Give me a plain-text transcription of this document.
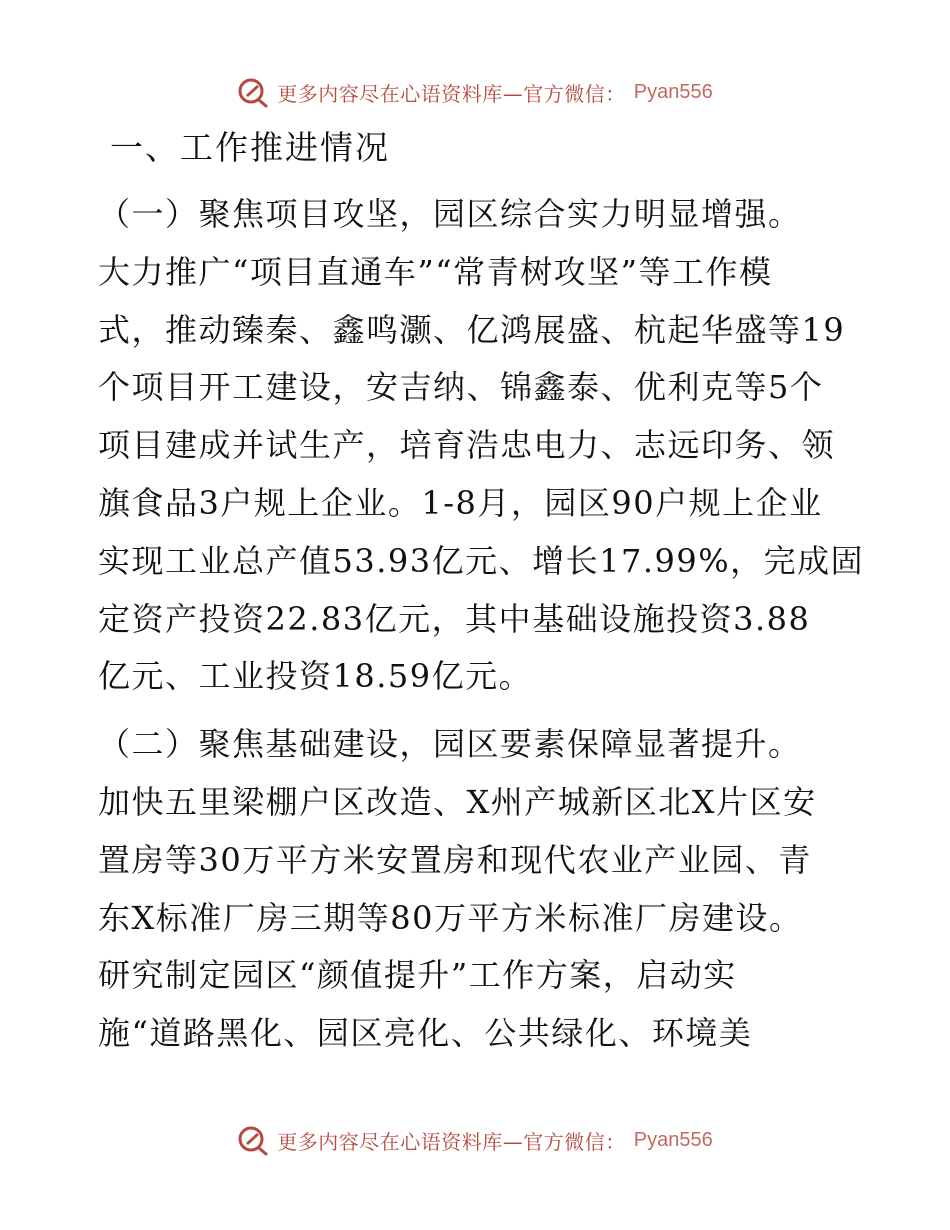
更多内容尽在心语资料库—官方微信： Pyan556
一、工作推进情况

（一）聚焦项目攻坚，园区综合实力明显增强。

大力推广“项目直通车”“常青树攻坚”等工作模
式，推动臻秦、鑫鸣灏、亿鸿展盛、杭起华盛等19
个项目开工建设，安吉纳、锦鑫泰、优利克等5个
项目建成并试生产，培育浩忠电力、志远印务、领
旗食品3户规上企业。1-8月，园区90户规上企业
实现工业总产值53.93亿元、增长17.99%，完成固
定资产投资22.83亿元，其中基础设施投资3.88
亿元、工业投资18.59亿元。

（二）聚焦基础建设，园区要素保障显著提升。

加快五里梁棚户区改造、X州产城新区北X片区安
置房等30万平方米安置房和现代农业产业园、青
东X标准厂房三期等80万平方米标准厂房建设。
研究制定园区“颜值提升”工作方案，启动实
施“道路黑化、园区亮化、公共绿化、环境美
更多内容尽在心语资料库—官方微信： Pyan556
